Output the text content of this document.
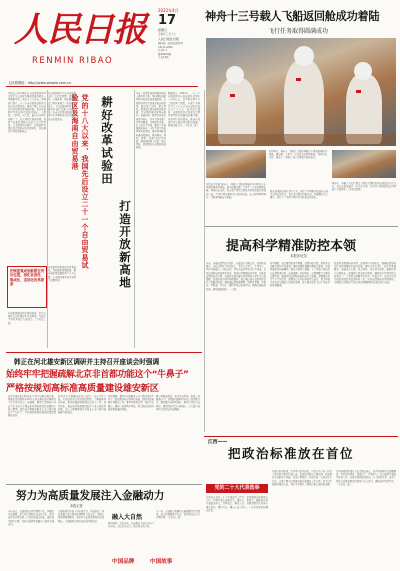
人民日报
RENMIN RIBAO
人民网网址：http://www.people.com.cn
2022年4月
17
星期日
壬寅年三月十七
人民日报社出版
国内统一连续出版物号
CN 11-0065
代号1-1
第26403期
今日12版
神舟十三号载人飞船返回舱成功着陆
飞行任务取得圆满成功
4月16日，神舟十三号载人飞船返回舱在东风着陆场成功着陆，翟志刚、王亚平、叶光富安全顺利出舱，身体状态良好，神舟十三号载人飞行任务取得圆满成功。
本报记者报道 神舟十三号载人飞船返回舱于4月16日在东风着陆场成功着陆，航天员翟志刚、王亚平、叶光富顺利出舱，身体状态良好，标志着空间站关键技术验证阶段任务圆满完成，中国空间站即将进入建造阶段。北京时间9时56分，飞船返回舱安全着陆。
航天员乘组在轨驻留六个月，创造了中国航天员连续在轨飞行时长新纪录，先后进行两次出舱活动，开展两次天宫课堂，进行了一系列空间科学实验和技术试验。
神舟十三号载人飞行任务是空间站关键技术验证阶段第六次飞行，也是该阶段最后一次飞行任务，为后续空间站建造运营积累了宝贵经验。（详见第四版）
本报北京4月16日电 自由贸易试验区是党中央在新时代推进改革开放的一项战略举措。党的十八大以来，我国先后设立二十一个自由贸易试验区及海南自由贸易港，形成了覆盖东西南北中的改革开放创新格局。各自贸试验区坚持以制度创新为核心，大胆试、大胆闯、自主改，累计向全国复制推广了二百余项制度创新成果，发挥了改革开放排头兵的示范引领作用。在全面深化改革中，自贸试验区聚焦投资贸易自由化便利化，持续推进首创性改革探索。
把制度集成创新摆在突出位置，深化首创性、集成化、差别化改革探索
各地积极推动制度集成创新，打造市场化法治化国际化营商环境，为高水平对外开放注入新动力。（下转第二版）
党的十八大以来，我国先后设立二十一个自由贸易试验区及海南自由贸易港	耕好改革试验田
打造开放新高地
各自贸试验区立足自身发展定位，在投资管理、贸易便利、金融开放、政府职能转变等领域开展了一系列改革试点。上海自贸试验区率先推出外商投资准入负面清单，海南自由贸易港加快建设具有世界影响力的中国特色自由贸易港。
自贸试验区建设取得显著成效，为构建新发展格局、推动高质量发展提供了有力支撑，在全国改革开放中发挥了重要作用。
当前，我国正加快构建以国内大循环为主体、国内国际双循环相互促进的新发展格局。自贸试验区作为改革开放的试验田，要在更大范围、更宽领域、更深层次探索推进改革开放，为全国改革开放探索路径、积累经验。要坚持以制度创新为核心，以可复制可推广为基本要求，全面深化改革，扩大高水平开放。要进一步加强风险防控，守住不发生系统性风险的底线。要对标国际高标准经贸规则，推进规则、规制、管理、标准等制度型开放，推动形成更大范围、更宽领域、更深层次的全面开放新格局。
数据显示，2021年，二十一个自贸试验区实际使用外资两千一百多亿元，以不到全国千分之四的国土面积，实现了全国百分之十八点五的外商投资和百分之十七点三的进出口贸易。自贸试验区已经成为引领开放型经济发展的重要引擎。各地坚持系统集成，推动自贸试验区与周边区域联动发展，形成改革合力。（下转第二版）
提高科学精准防控本领
本报评论员
当前，全球疫情仍处于高位，病毒还在不断变异，我国外防输入、内防反弹压力持续加大。坚持人民至上、生命至上，坚持外防输入、内防反弹，坚持动态清零总方针不动摇，是我们战胜疫情的根本保证。提高科学精准防控本领，是抓好疫情防控的关键。各地区各部门要认真贯彻落实党中央决策部署，提高防控的科学性精准性，最大限度减少疫情对经济社会发展的影响。要加强疫情监测预警，做到早发现、早报告、早隔离、早治疗。要科学划定防控区域，精准实施防控措施，避免层层加码、一刀切。
科学精准，就是要尊重科学规律，依靠科技力量，用科学方法解决防控中的难题。要加快推进核酸检测能力建设，提高检测效率和准确性。要充分发挥大数据、人工智能等新技术在疫情监测分析、病毒溯源、防控救治、资源调配等方面的支撑作用。要统筹好疫情防控和经济社会发展，保障群众正常生产生活需求，保障重点行业和领域正常运转，努力用最小的代价实现最大的防控效果，最大限度保护人民生命安全和身体健康。
提高科学精准防控本领，必须坚持实事求是，根据疫情形势变化及时调整优化防控措施。要压实各方责任，落实早发现要求，加强重点人群、重点场所、重点环节防控。要做好医疗资源储备，加强医疗救治能力建设，确保患者得到及时有效救治。广大党员干部要勇于担当、真抓实干，以高度的责任感使命感投身疫情防控工作，筑牢疫情防控的坚固防线，为保障人民群众生命安全和身体健康作出新的更大贡献。
韩正在河北雄安新区调研并主持召开座谈会时强调
始终牢牢把握疏解北京非首都功能这个“牛鼻子”
严格按规划高标准高质量建设雄安新区
新华社雄安4月16日电 中共中央政治局常委、国务院副总理韩正16日在河北雄安新区调研并主持召开座谈会。他强调，要深入贯彻落实习近平总书记关于雄安新区规划建设的重要指示批示精神，始终牢牢把握疏解北京非首都功能这个“牛鼻子”，严格按规划高标准高质量建设雄安新区。
韩正先后来到雄安新区启动区、容东片区等地，实地察看重点项目建设情况，了解疏解项目落地、配套设施建设和群众安置等工作。韩正指出，雄安新区规划建设取得了重大阶段性成果，进入大规模建设与承接北京非首都功能疏解并重阶段。
韩正强调，要坚持以疏解北京非首都功能为牛鼻子，加快推进标志性项目落地，做好承接疏解各项准备工作。要坚持规划引领，保持历史耐心，确保一张蓝图干到底，努力创造新时代高质量发展的样板。
要完善配套政策，优化营商环境，提高公共服务水平，增强对疏解单位和人员的吸引力。要加强生态环境保护，推进白洋淀生态修复，建设绿色智慧宜居城市。有关部门和单位负责同志参加调研。
江西——
把政治标准放在首位
党的二十大代表选举
江西省在党的二十大代表选举工作中，始终把政治标准放在首位，严把代表人选政治关、廉洁关、素质关，确保选出的代表政治坚定、作风优良、群众公认。各级党组织认真落实推荐提名、组织考察、确定人选等程序，广泛听取党员和群众意见。
在推荐提名阶段，江西坚持好中选优，注重从生产和工作第一线党员中推荐代表人选，提高先进模范人物比例。各地组织考察组深入基层，采取个别谈话、查阅资料、实地走访等方式，全面了解考察对象的政治表现和工作实绩。对考察中发现问题的人选，坚决不予推荐，确保代表人选质量过硬。
江西省委组织部有关负责同志表示，将严格按照中央部署要求，坚持党的领导、发扬民主、严格程序，扎实做好代表选举各项工作，以优异成绩迎接党的二十大胜利召开。选举工作将在各级党组织的领导下有序进行，确保选举风清气正。（下转第二版）
努力为高质量发展注入金融动力
本报记者
今年以来，金融系统认真贯彻党中央、国务院决策部署，加大对实体经济的支持力度，保持流动性合理充裕，信贷总量稳定增长，融资成本稳中有降，为经济高质量发展注入强劲金融动力。
金融机构持续加大对小微企业、科技创新、绿色发展等重点领域和薄弱环节的支持，普惠小微贷款增速明显，制造业中长期贷款保持较快增长，金融服务实体经济质效不断提升。
融入大自然
春日踏青，走进自然。各地推出丰富多彩的户外活动，市民走出家门，感受春天的美好。
下一步，金融部门将继续实施稳健的货币政策，加大跨周期调节力度，保持经济运行在合理区间。（下转第二版）
中国品牌	中国故事
